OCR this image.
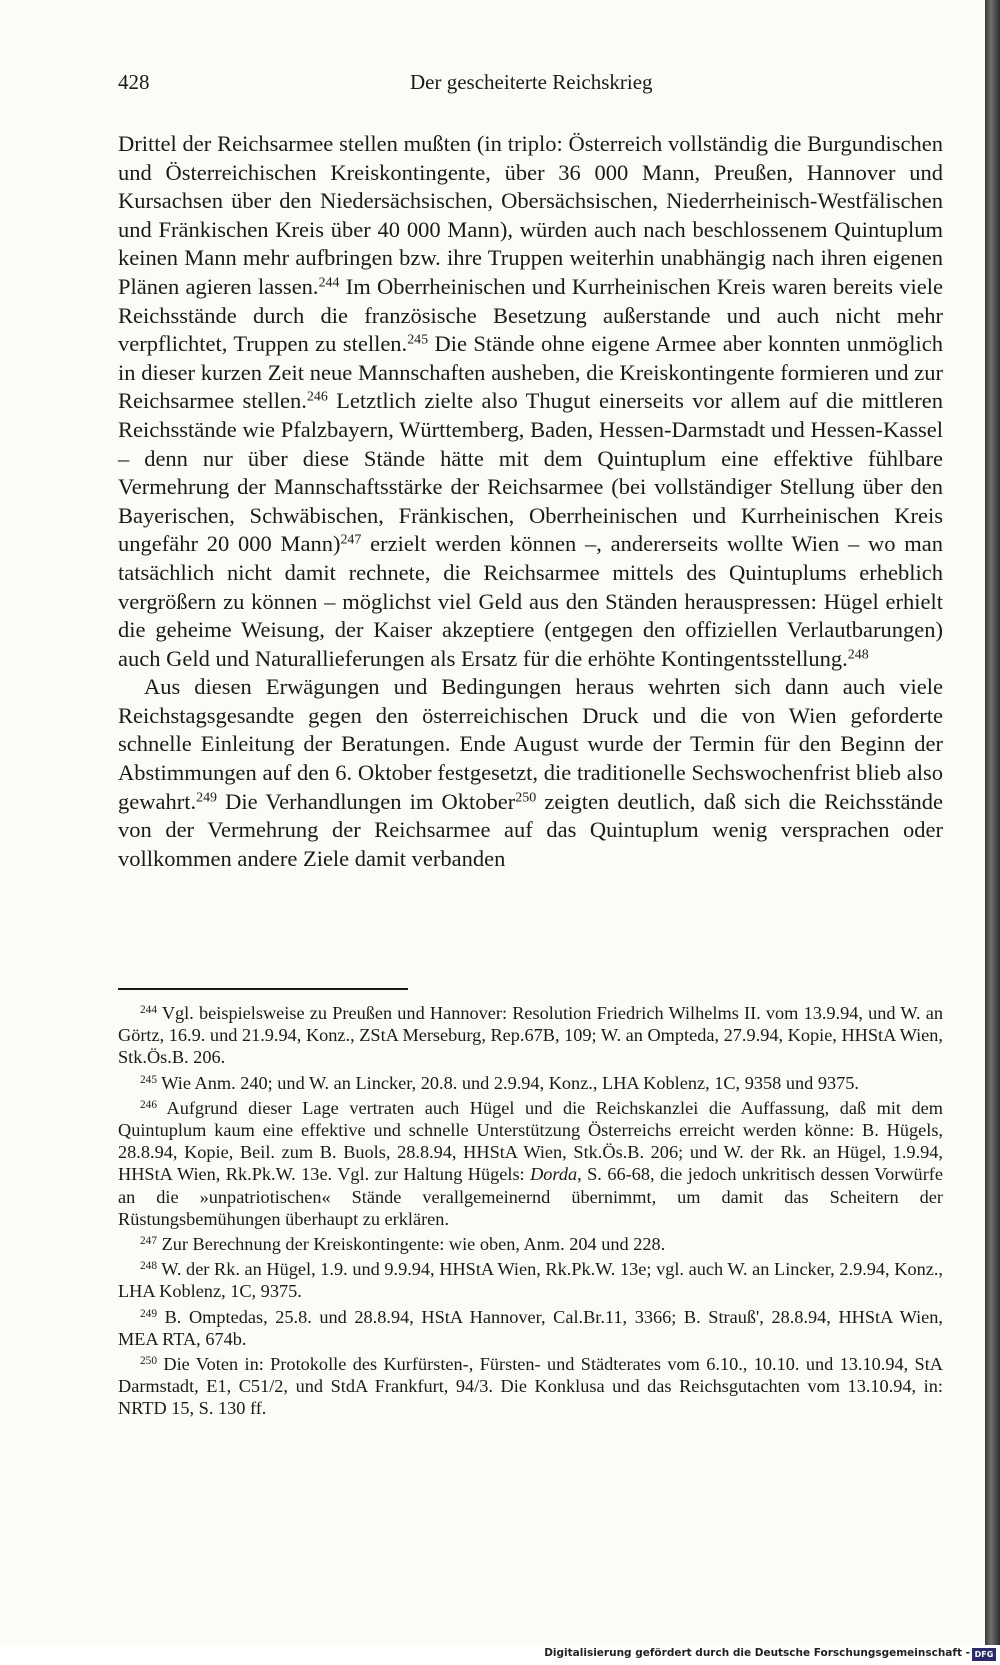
428	Der gescheiterte Reichskrieg

Drittel der Reichsarmee stellen mußten (in triplo: Österreich vollständig die Burgundischen und Österreichischen Kreiskontingente, über 36 000 Mann, Preußen, Hannover und Kursachsen über den Niedersächsischen, Obersächsischen, Niederrheinisch-Westfälischen und Fränkischen Kreis über 40 000 Mann), würden auch nach beschlossenem Quintuplum keinen Mann mehr aufbringen bzw. ihre Truppen weiterhin unabhängig nach ihren eigenen Plänen agieren lassen.$^{244}$ Im Oberrheinischen und Kurrheinischen Kreis waren bereits viele Reichsstände durch die französische Besetzung außerstande und auch nicht mehr verpflichtet, Truppen zu stellen.$^{245}$ Die Stände ohne eigene Armee aber konnten unmöglich in dieser kurzen Zeit neue Mannschaften ausheben, die Kreiskontingente formieren und zur Reichsarmee stellen.$^{246}$ Letztlich zielte also Thugut einerseits vor allem auf die mittleren Reichsstände wie Pfalzbayern, Württemberg, Baden, Hessen-Darmstadt und Hessen-Kassel – denn nur über diese Stände hätte mit dem Quintuplum eine effektive fühlbare Vermehrung der Mannschaftsstärke der Reichsarmee (bei vollständiger Stellung über den Bayerischen, Schwäbischen, Fränkischen, Oberrheinischen und Kurrheinischen Kreis ungefähr 20 000 Mann)$^{247}$ erzielt werden können –, andererseits wollte Wien – wo man tatsächlich nicht damit rechnete, die Reichsarmee mittels des Quintuplums erheblich vergrößern zu können – möglichst viel Geld aus den Ständen herauspressen: Hügel erhielt die geheime Weisung, der Kaiser akzeptiere (entgegen den offiziellen Verlautbarungen) auch Geld und Naturallieferungen als Ersatz für die erhöhte Kontingentsstellung.$^{248}$

Aus diesen Erwägungen und Bedingungen heraus wehrten sich dann auch viele Reichstagsgesandte gegen den österreichischen Druck und die von Wien geforderte schnelle Einleitung der Beratungen. Ende August wurde der Termin für den Beginn der Abstimmungen auf den 6. Oktober festgesetzt, die traditionelle Sechswochenfrist blieb also gewahrt.$^{249}$ Die Verhandlungen im Oktober$^{250}$ zeigten deutlich, daß sich die Reichsstände von der Vermehrung der Reichsarmee auf das Quintuplum wenig versprachen oder vollkommen andere Ziele damit verbanden

$^{244}$ Vgl. beispielsweise zu Preußen und Hannover: Resolution Friedrich Wilhelms II. vom 13.9.94, und W. an Görtz, 16.9. und 21.9.94, Konz., ZStA Merseburg, Rep.67B, 109; W. an Ompteda, 27.9.94, Kopie, HHStA Wien, Stk.Ös.B. 206.

$^{245}$ Wie Anm. 240; und W. an Lincker, 20.8. und 2.9.94, Konz., LHA Koblenz, 1C, 9358 und 9375.

$^{246}$ Aufgrund dieser Lage vertraten auch Hügel und die Reichskanzlei die Auffassung, daß mit dem Quintuplum kaum eine effektive und schnelle Unterstützung Österreichs erreicht werden könne: B. Hügels, 28.8.94, Kopie, Beil. zum B. Buols, 28.8.94, HHStA Wien, Stk.Ös.B. 206; und W. der Rk. an Hügel, 1.9.94, HHStA Wien, Rk.Pk.W. 13e. Vgl. zur Haltung Hügels: Dorda, S. 66-68, die jedoch unkritisch dessen Vorwürfe an die »unpatriotischen« Stände verallgemeinernd übernimmt, um damit das Scheitern der Rüstungsbemühungen überhaupt zu erklären.

$^{247}$ Zur Berechnung der Kreiskontingente: wie oben, Anm. 204 und 228.

$^{248}$ W. der Rk. an Hügel, 1.9. und 9.9.94, HHStA Wien, Rk.Pk.W. 13e; vgl. auch W. an Lincker, 2.9.94, Konz., LHA Koblenz, 1C, 9375.

$^{249}$ B. Omptedas, 25.8. und 28.8.94, HStA Hannover, Cal.Br.11, 3366; B. Strauß', 28.8.94, HHStA Wien, MEA RTA, 674b.

$^{250}$ Die Voten in: Protokolle des Kurfürsten-, Fürsten- und Städterates vom 6.10., 10.10. und 13.10.94, StA Darmstadt, E1, C51/2, und StdA Frankfurt, 94/3. Die Konklusa und das Reichsgutachten vom 13.10.94, in: NRTD 15, S. 130 ff.

Digitalisierung gefördert durch die Deutsche Forschungsgemeinschaft - DFG
